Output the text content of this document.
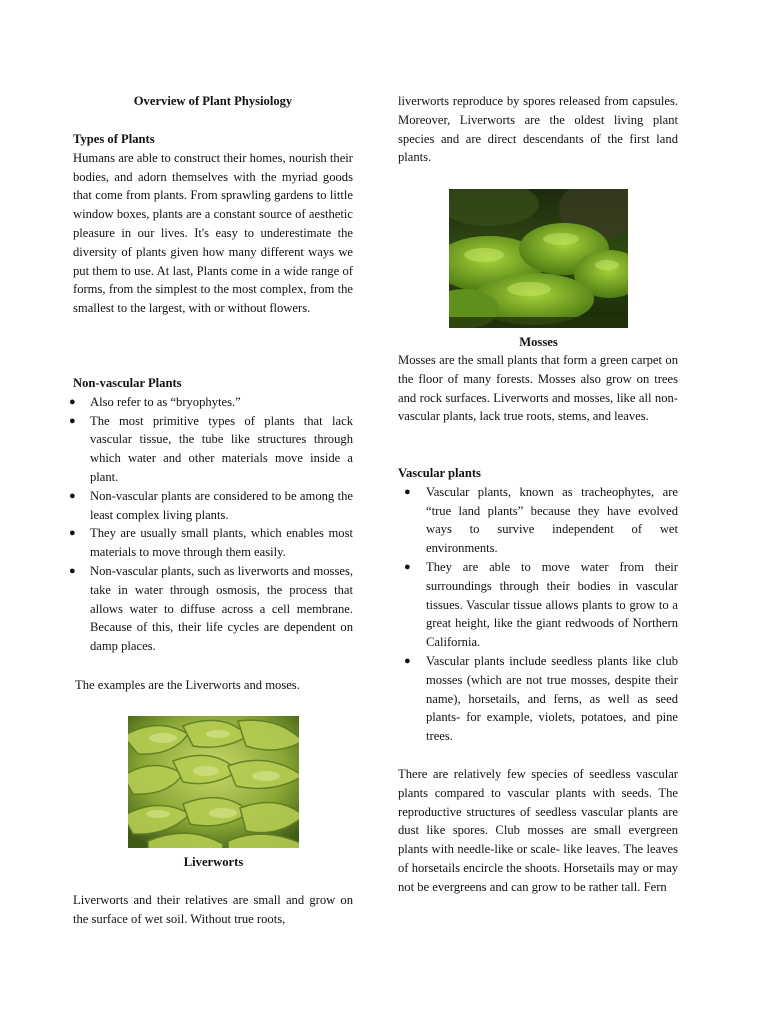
Overview of Plant Physiology

Types of Plants

Humans are able to construct their homes, nourish their bodies, and adorn themselves with the myriad goods that come from plants. From sprawling gardens to little window boxes, plants are a constant source of aesthetic pleasure in our lives. It's easy to underestimate the diversity of plants given how many different ways we put them to use. At last, Plants come in a wide range of forms, from the simplest to the most complex, from the smallest to the largest, with or without flowers.

Non-vascular Plants

● Also refer to as “bryophytes.”
● The most primitive types of plants that lack vascular tissue, the tube like structures through which water and other materials move inside a plant.
● Non-vascular plants are considered to be among the least complex living plants.
● They are usually small plants, which enables most materials to move through them easily.
● Non-vascular plants, such as liverworts and mosses, take in water through osmosis, the process that allows water to diffuse across a cell membrane. Because of this, their life cycles are dependent on damp places.

The examples are the Liverworts and moses.

Liverworts

Liverworts and their relatives are small and grow on the surface of wet soil. Without true roots,

liverworts reproduce by spores released from capsules. Moreover, Liverworts are the oldest living plant species and are direct descendants of the first land plants.

Mosses

Mosses are the small plants that form a green carpet on the floor of many forests. Mosses also grow on trees and rock surfaces. Liverworts and mosses, like all non-vascular plants, lack true roots, stems, and leaves.

Vascular plants

● Vascular plants, known as tracheophytes, are “true land plants” because they have evolved ways to survive independent of wet environments.
● They are able to move water from their surroundings through their bodies in vascular tissues. Vascular tissue allows plants to grow to a great height, like the giant redwoods of Northern California.
● Vascular plants include seedless plants like club mosses (which are not true mosses, despite their name), horsetails, and ferns, as well as seed plants- for example, violets, potatoes, and pine trees.

There are relatively few species of seedless vascular plants compared to vascular plants with seeds. The reproductive structures of seedless vascular plants are dust like spores. Club mosses are small evergreen plants with needle-like or scale- like leaves. The leaves of horsetails encircle the shoots. Horsetails may or may not be evergreens and can grow to be rather tall. Fern
